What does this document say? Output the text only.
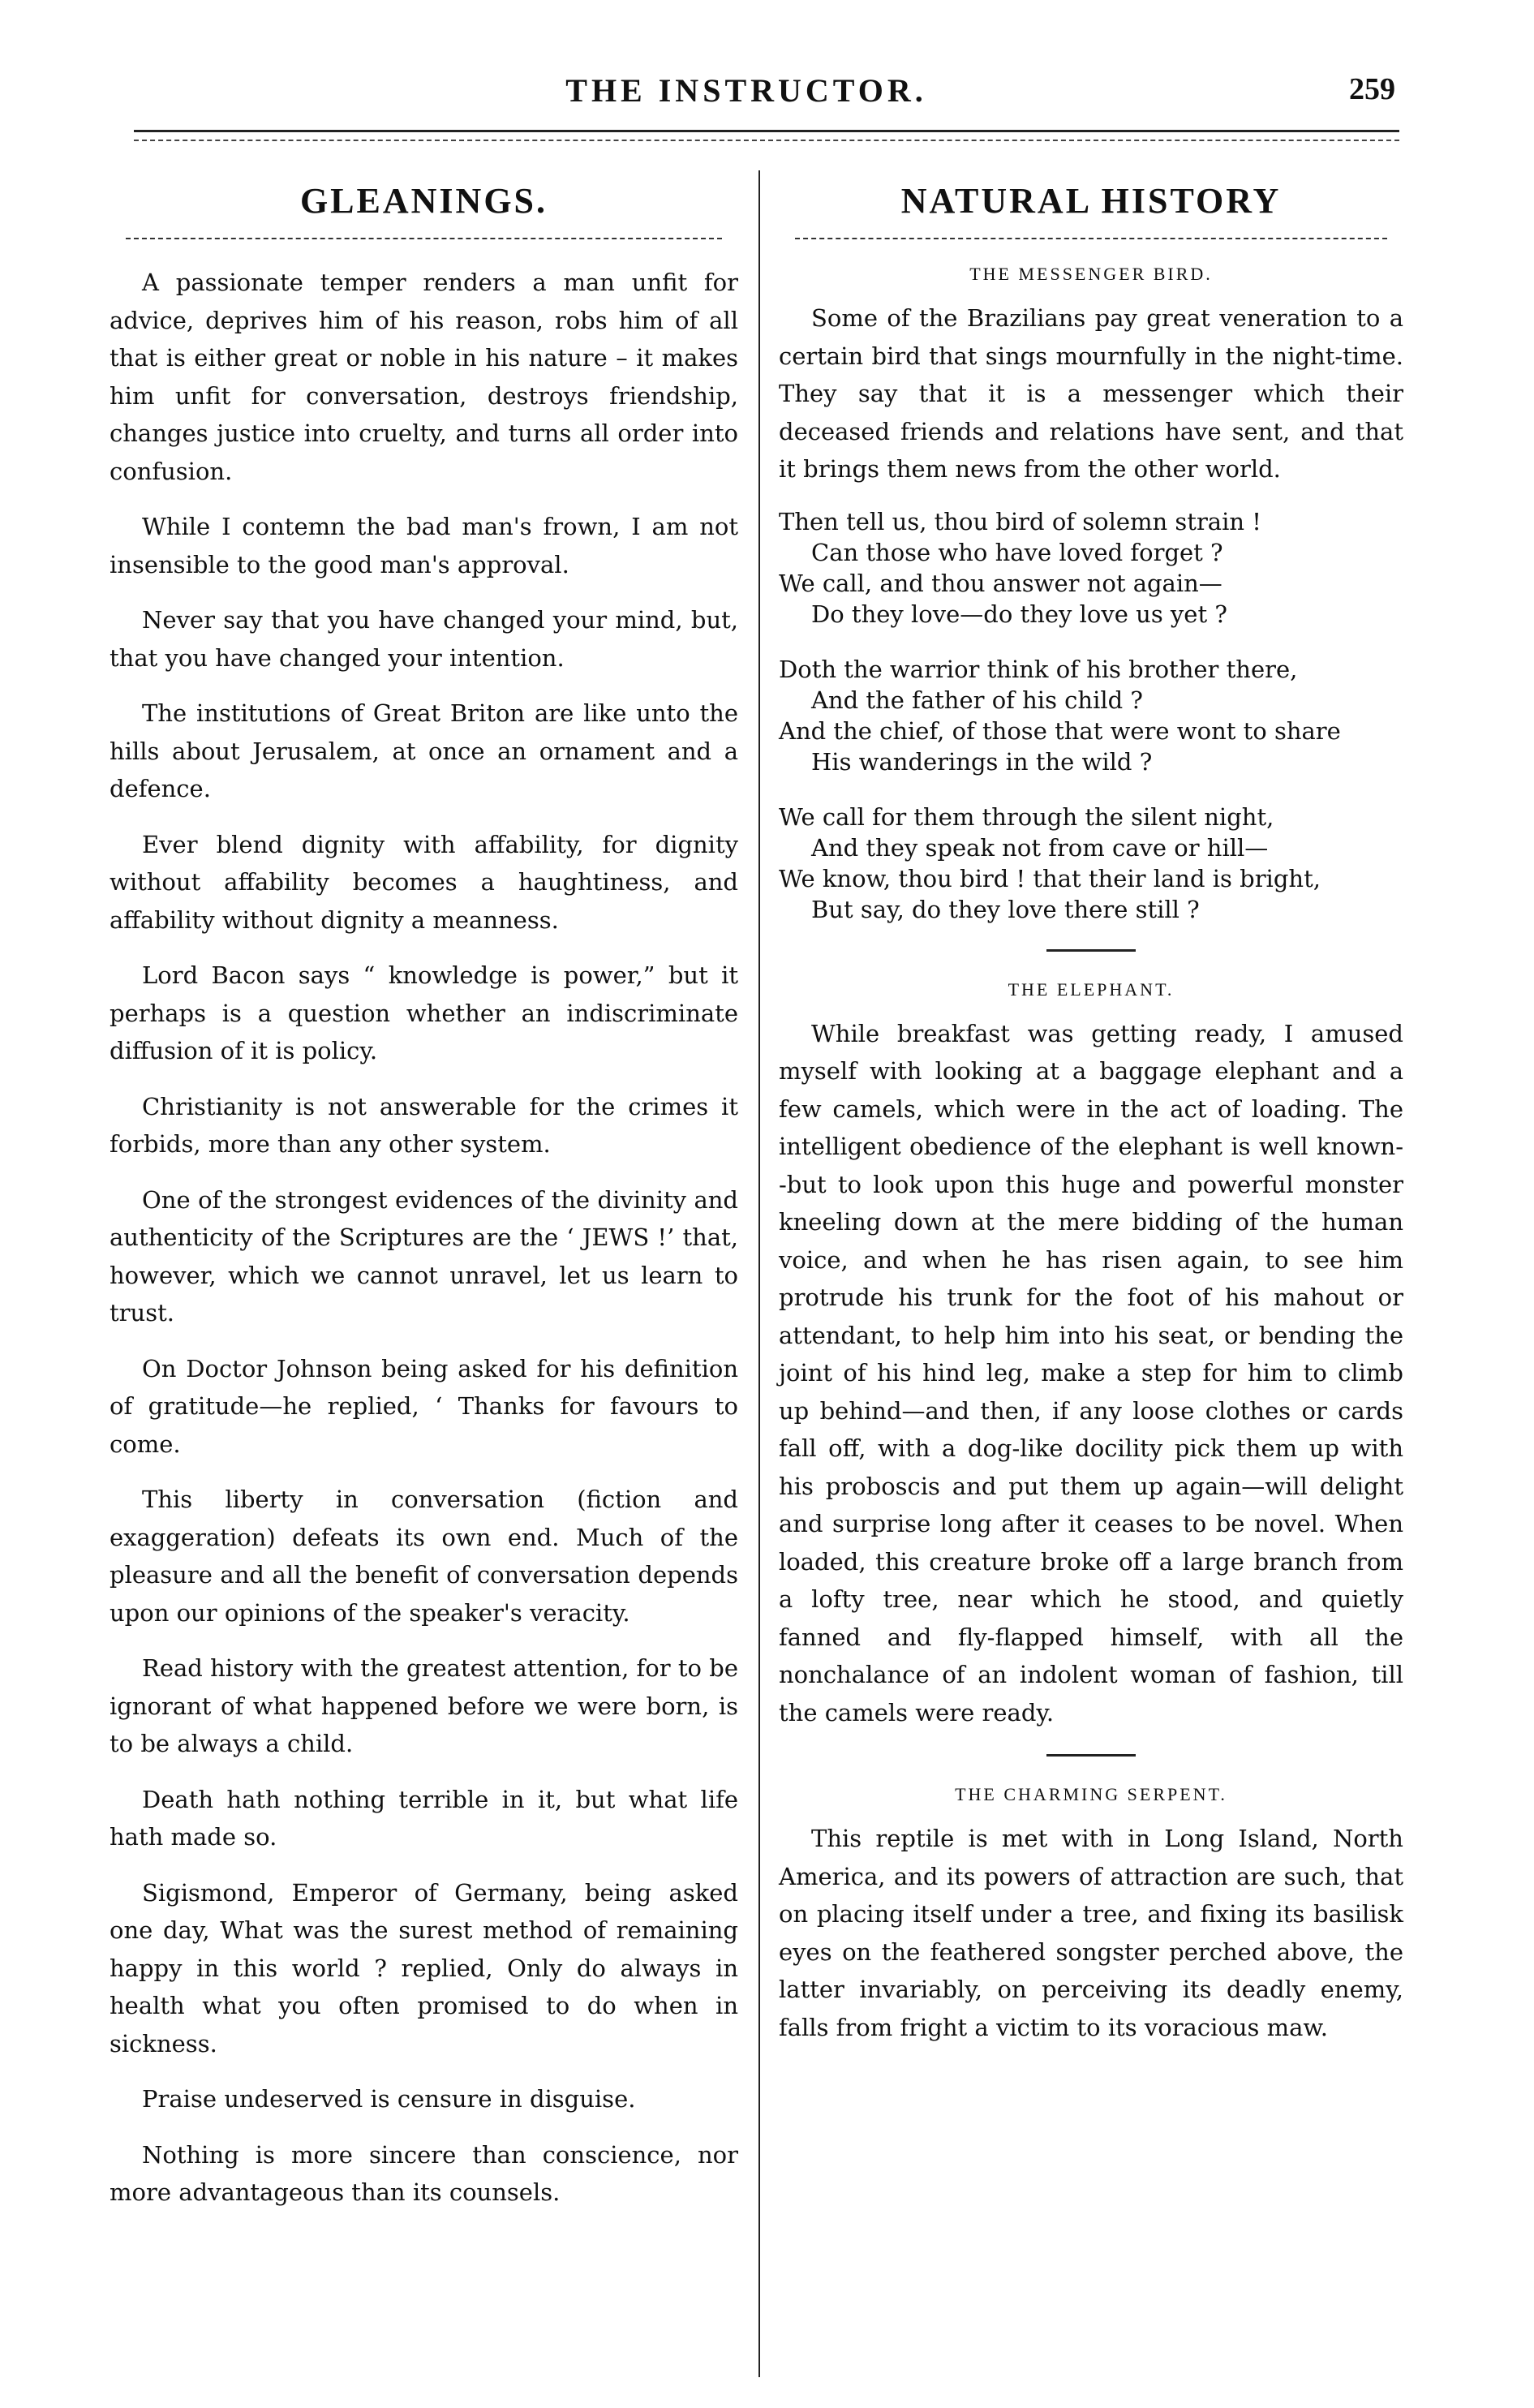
THE INSTRUCTOR.	259
GLEANINGS.

A passionate temper renders a man unfit for advice, deprives him of his reason, robs him of all that is either great or noble in his nature – it makes him unfit for conversation, destroys friendship, changes justice into cruelty, and turns all order into confusion.

While I contemn the bad man's frown, I am not insensible to the good man's approval.

Never say that you have changed your mind, but, that you have changed your intention.

The institutions of Great Briton are like unto the hills about Jerusalem, at once an ornament and a defence.

Ever blend dignity with affability, for dignity without affability becomes a haughtiness, and affability without dignity a meanness.

Lord Bacon says “ knowledge is power,” but it perhaps is a question whether an indiscriminate diffusion of it is policy.

Christianity is not answerable for the crimes it forbids, more than any other system.

One of the strongest evidences of the divinity and authenticity of the Scriptures are the ‘ JEWS !’ that, however, which we cannot unravel, let us learn to trust.

On Doctor Johnson being asked for his definition of gratitude—he replied, ‘ Thanks for favours to come.

This liberty in conversation (fiction and exaggeration) defeats its own end. Much of the pleasure and all the benefit of conversation depends upon our opinions of the speaker's veracity.

Read history with the greatest attention, for to be ignorant of what happened before we were born, is to be always a child.

Death hath nothing terrible in it, but what life hath made so.

Sigismond, Emperor of Germany, being asked one day, What was the surest method of remaining happy in this world ? replied, Only do always in health what you often promised to do when in sickness.

Praise undeserved is censure in disguise.

Nothing is more sincere than conscience, nor more advantageous than its counsels.

NATURAL HISTORY
THE MESSENGER BIRD.

Some of the Brazilians pay great veneration to a certain bird that sings mournfully in the night-time. They say that it is a messenger which their deceased friends and relations have sent, and that it brings them news from the other world.

Then tell us, thou bird of solemn strain !

Can those who have loved forget ?

We call, and thou answer not again—

Do they love—do they love us yet ?

Doth the warrior think of his brother there,

And the father of his child ?

And the chief, of those that were wont to share

His wanderings in the wild ?

We call for them through the silent night,

And they speak not from cave or hill—

We know, thou bird ! that their land is bright,

But say, do they love there still ?

THE ELEPHANT.

While breakfast was getting ready, I amused myself with looking at a baggage elephant and a few camels, which were in the act of loading. The intelligent obedience of the elephant is well known--but to look upon this huge and powerful monster kneeling down at the mere bidding of the human voice, and when he has risen again, to see him protrude his trunk for the foot of his mahout or attendant, to help him into his seat, or bending the joint of his hind leg, make a step for him to climb up behind—and then, if any loose clothes or cards fall off, with a dog-like docility pick them up with his proboscis and put them up again—will delight and surprise long after it ceases to be novel. When loaded, this creature broke off a large branch from a lofty tree, near which he stood, and quietly fanned and fly-flapped himself, with all the nonchalance of an indolent woman of fashion, till the camels were ready.

THE CHARMING SERPENT.

This reptile is met with in Long Island, North America, and its powers of attraction are such, that on placing itself under a tree, and fixing its basilisk eyes on the feathered songster perched above, the latter invariably, on perceiving its deadly enemy, falls from fright a victim to its voracious maw.
